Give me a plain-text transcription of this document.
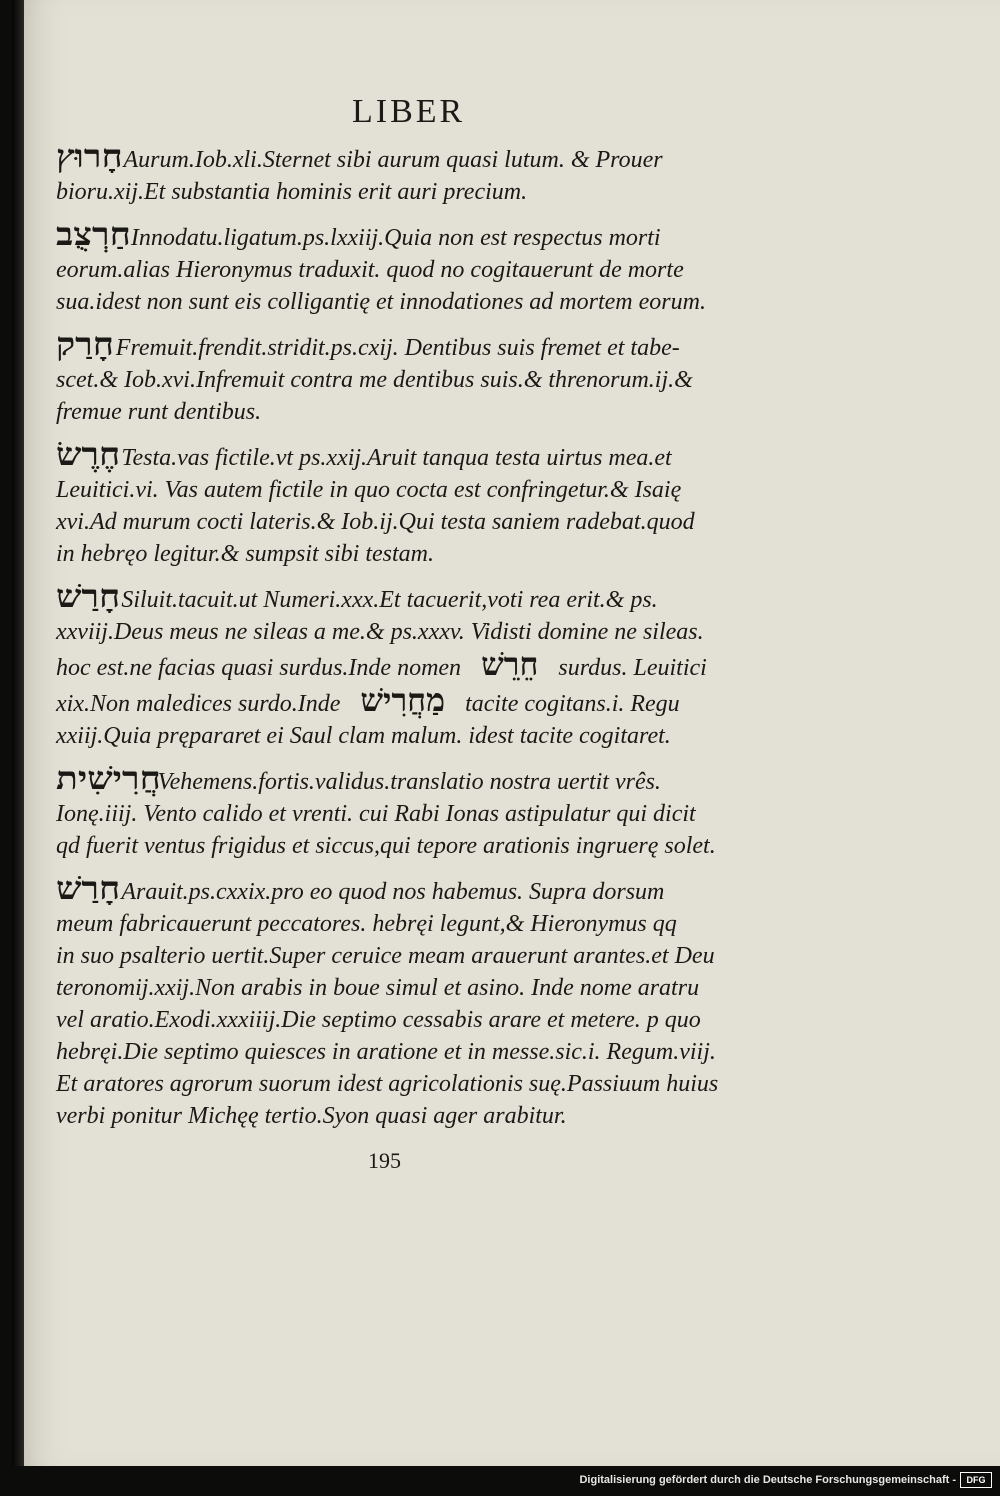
LIBER
חָרוּץAurum.Iob.xli.Sternet sibi aurum quasi lutum. & Prouer
bioru.xij.Et substantia hominis erit auri precium.
חַרְצֻבInnodatu.ligatum.ps.lxxiij.Quia non est respectus morti
eorum.alias Hieronymus traduxit. quod no cogitauerunt de morte
sua.idest non sunt eis colligantię et innodationes ad mortem eorum.
חָרַקFremuit.frendit.stridit.ps.cxij. Dentibus suis fremet et tabe-
scet.& Iob.xvi.Infremuit contra me dentibus suis.& threnorum.ij.&
fremue runt dentibus.
חֶרֶשׂTesta.vas fictile.vt ps.xxij.Aruit tanqua testa uirtus mea.et
Leuitici.vi. Vas autem fictile in quo cocta est confringetur.& Isaię
xvi.Ad murum cocti lateris.& Iob.ij.Qui testa saniem radebat.quod
in hebręo legitur.& sumpsit sibi testam.
חָרַשׁSiluit.tacuit.ut Numeri.xxx.Et tacuerit,voti rea erit.& ps.
xxviij.Deus meus ne sileas a me.& ps.xxxv. Vidisti domine ne sileas.
hoc est.ne facias quasi surdus.Inde nomen חֵרֵשׁ surdus. Leuitici
xix.Non maledices surdo.Inde מַחֲרִישׁ tacite cogitans.i. Regu
xxiij.Quia prępararet ei Saul clam malum. idest tacite cogitaret.
חֲרִישִׁיתVehemens.fortis.validus.translatio nostra uertit vrês.
Ionę.iiij. Vento calido et vrenti. cui Rabi Ionas astipulatur qui dicit
qd fuerit ventus frigidus et siccus,qui tepore arationis ingruerę solet.
חָרַשׁArauit.ps.cxxix.pro eo quod nos habemus. Supra dorsum
meum fabricauerunt peccatores. hebręi legunt,& Hieronymus qq
in suo psalterio uertit.Super ceruice meam arauerunt arantes.et Deu
teronomij.xxij.Non arabis in boue simul et asino. Inde nome aratru
vel aratio.Exodi.xxxiiij.Die septimo cessabis arare et metere. p quo
hebręi.Die septimo quiesces in aratione et in messe.sic.i. Regum.viij.
Et aratores agrorum suorum idest agricolationis suę.Passiuum huius
verbi ponitur Michęę tertio.Syon quasi ager arabitur.
195
Digitalisierung gefördert durch die Deutsche Forschungsgemeinschaft -	DFG
